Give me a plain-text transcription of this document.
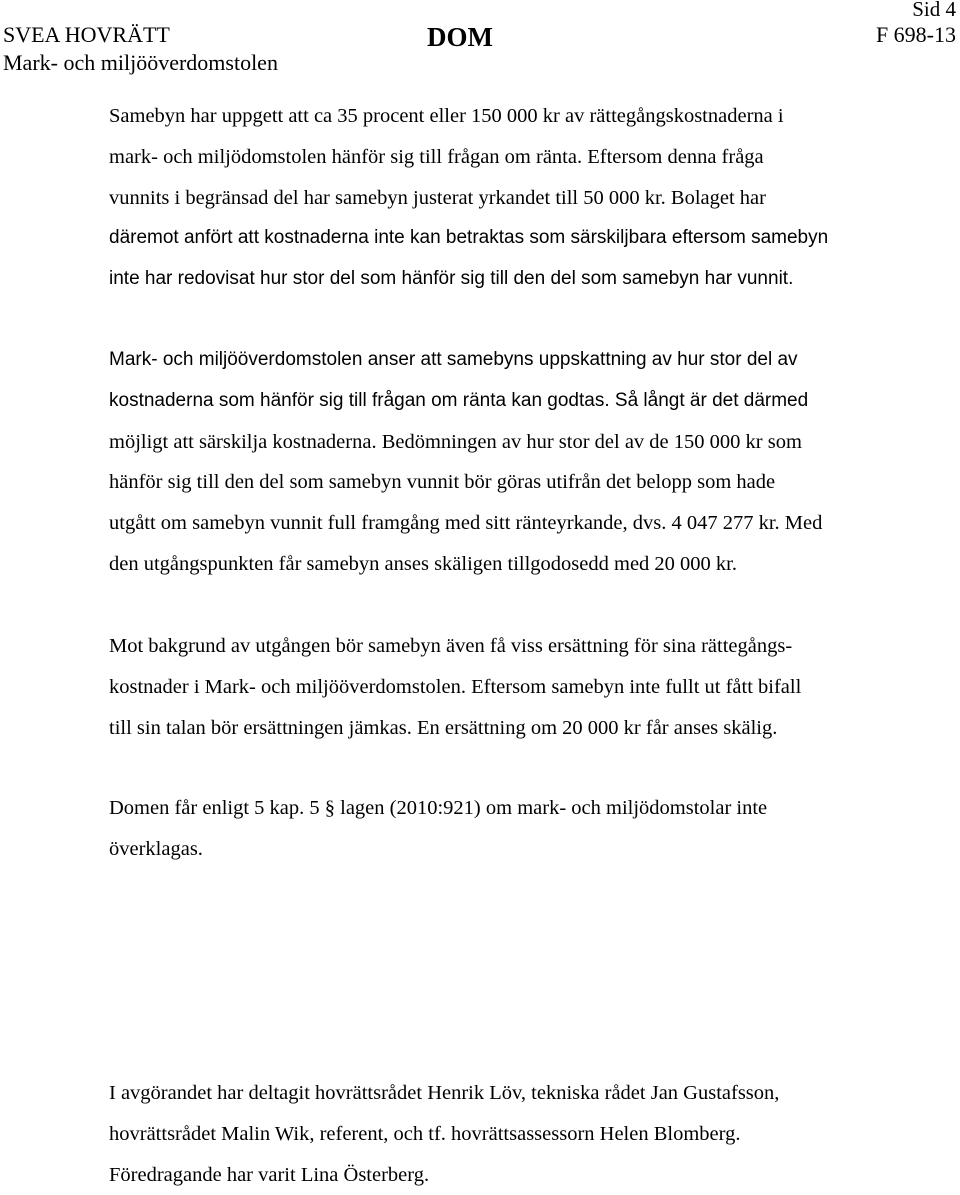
Sid 4
SVEA HOVRÄTT
Mark- och miljööverdomstolen
DOM	F 698-13
Samebyn har uppgett att ca 35 procent eller 150 000 kr av rättegångskostnaderna i
mark- och miljödomstolen hänför sig till frågan om ränta. Eftersom denna fråga
vunnits i begränsad del har samebyn justerat yrkandet till 50 000 kr. Bolaget har
däremot anfört att kostnaderna inte kan betraktas som särskiljbara eftersom samebyn
inte har redovisat hur stor del som hänför sig till den del som samebyn har vunnit.
Mark- och miljööverdomstolen anser att samebyns uppskattning av hur stor del av
kostnaderna som hänför sig till frågan om ränta kan godtas. Så långt är det därmed
möjligt att särskilja kostnaderna. Bedömningen av hur stor del av de 150 000 kr som
hänför sig till den del som samebyn vunnit bör göras utifrån det belopp som hade
utgått om samebyn vunnit full framgång med sitt ränteyrkande, dvs. 4 047 277 kr. Med
den utgångspunkten får samebyn anses skäligen tillgodosedd med 20 000 kr.
Mot bakgrund av utgången bör samebyn även få viss ersättning för sina rättegångs-
kostnader i Mark- och miljööverdomstolen. Eftersom samebyn inte fullt ut fått bifall
till sin talan bör ersättningen jämkas. En ersättning om 20 000 kr får anses skälig.
Domen får enligt 5 kap. 5 § lagen (2010:921) om mark- och miljödomstolar inte
överklagas.
I avgörandet har deltagit hovrättsrådet Henrik Löv, tekniska rådet Jan Gustafsson,
hovrättsrådet Malin Wik, referent, och tf. hovrättsassessorn Helen Blomberg.
Föredragande har varit Lina Österberg.
